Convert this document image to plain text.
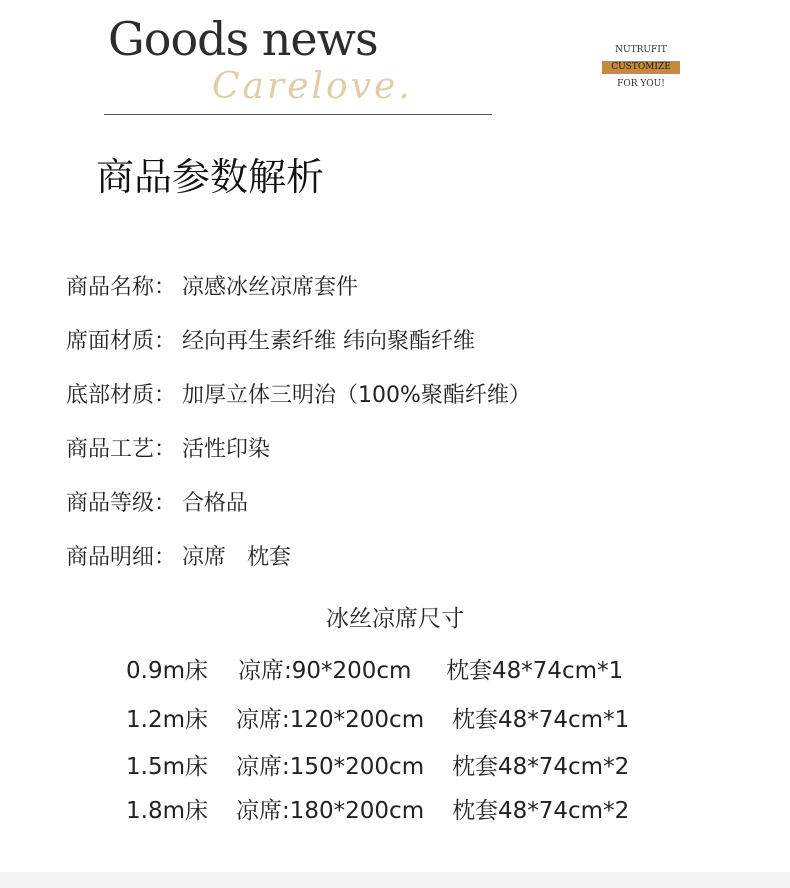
Goods news
Carelove.
NUTRUFIT
CUSTOMIZE
FOR YOU!
商品参数解析
商品名称： 凉感冰丝凉席套件
席面材质： 经向再生素纤维 纬向聚酯纤维
底部材质： 加厚立体三明治（100%聚酯纤维）
商品工艺： 活性印染
商品等级： 合格品
商品明细： 凉席   枕套
冰丝凉席尺寸
0.9m床 凉席:90*200cm 枕套48*74cm*1
1.2m床 凉席:120*200cm 枕套48*74cm*1
1.5m床 凉席:150*200cm 枕套48*74cm*2
1.8m床 凉席:180*200cm 枕套48*74cm*2
